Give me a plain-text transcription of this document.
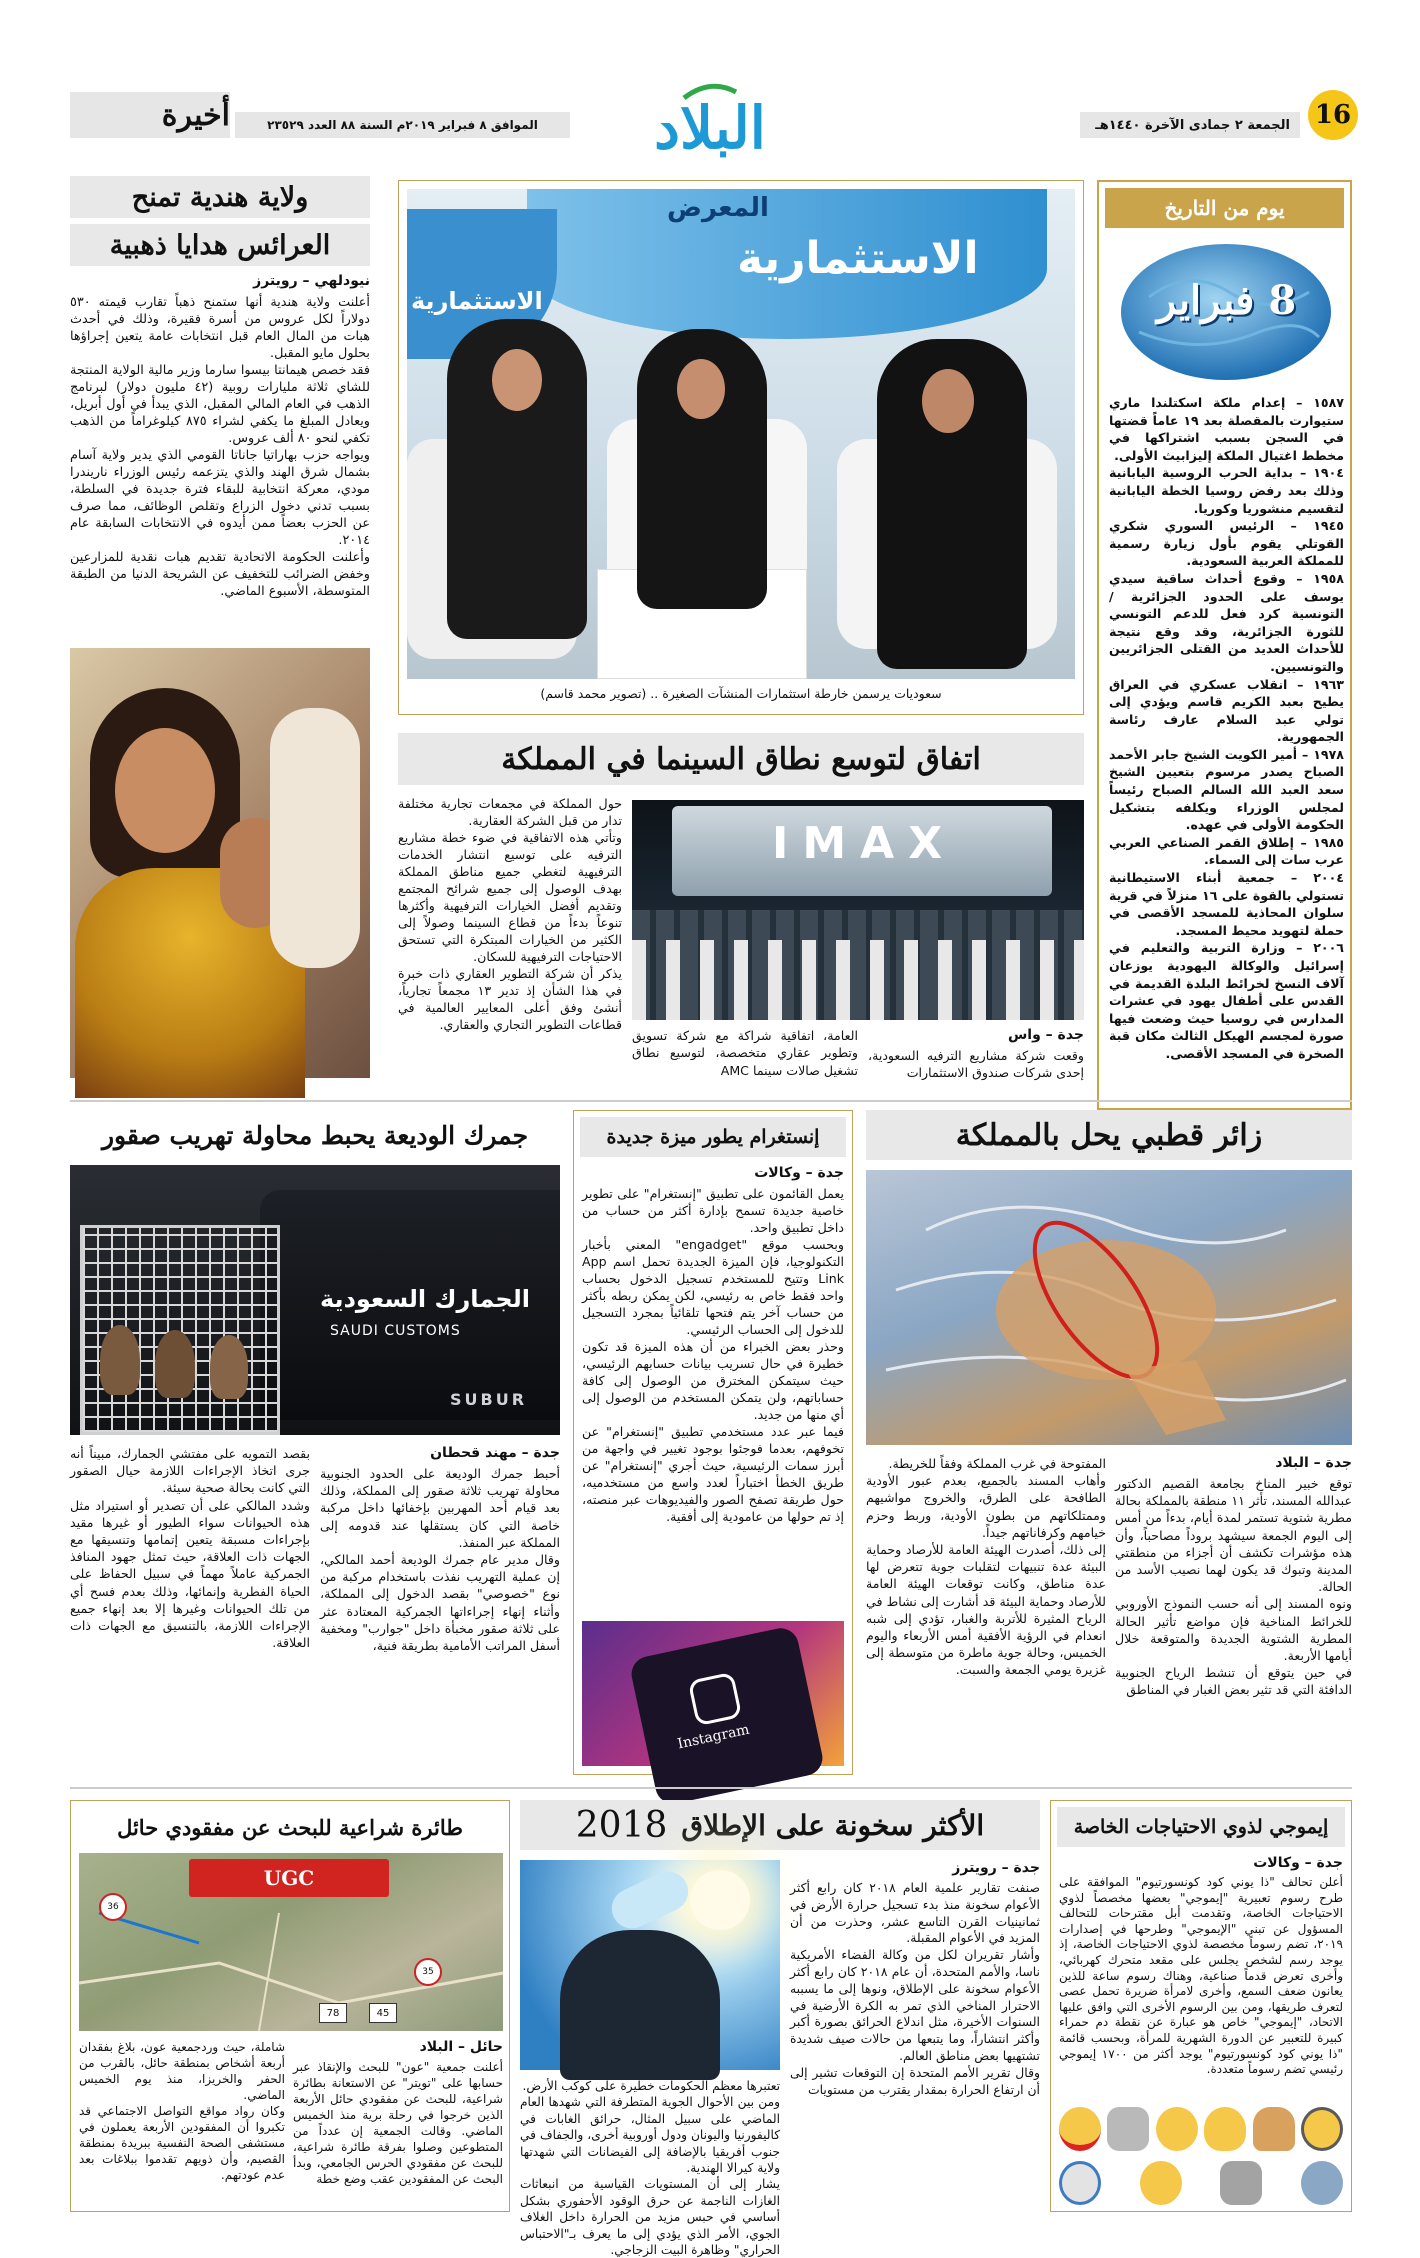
16
الجمعة ٢ جمادى الآخرة ١٤٤٠هـ
البلاد
الموافق ٨ فبراير ٢٠١٩م السنة ٨٨ العدد ٢٣٥٢٩
أخيرة
يوم من التاريخ
8 فبراير
١٥٨٧ – إعدام ملكة اسكتلندا ماري ستيوارت بالمقصلة بعد ١٩ عاماً قضتها في السجن بسبب اشتراكها في مخطط اغتيال الملكة إليزابيث الأولى.
١٩٠٤ – بداية الحرب الروسية اليابانية وذلك بعد رفض روسيا الخطة اليابانية لتقسيم منشوريا وكوريا.
١٩٤٥ – الرئيس السوري شكري القوتلي يقوم بأول زيارة رسمية للمملكة العربية السعودية.
١٩٥٨ – وقوع أحداث ساقية سيدي يوسف على الحدود الجزائرية / التونسية كرد فعل للدعم التونسي للثورة الجزائرية، وقد وقع نتيجة للأحداث العديد من القتلى الجزائريين والتونسيين.
١٩٦٣ – انقلاب عسكري في العراق يطيح بعبد الكريم قاسم ويؤدي إلى تولي عبد السلام عارف رئاسة الجمهورية.
١٩٧٨ – أمير الكويت الشيخ جابر الأحمد الصباح يصدر مرسوم بتعيين الشيخ سعد العبد الله السالم الصباح رئيساً لمجلس الوزراء ويكلفه بتشكيل الحكومة الأولى في عهده.
١٩٨٥ – إطلاق القمر الصناعي العربي عرب سات إلى السماء.
٢٠٠٤ – جمعية أبناء الاستيطانية تستولي بالقوة على ١٦ منزلاً في قرية سلوان المحاذية للمسجد الأقصى في حملة لتهويد محيط المسجد.
٢٠٠٦ – وزارة التربية والتعليم في إسرائيل والوكالة اليهودية يوزعان آلاف النسخ لخرائط البلدة القديمة في القدس على أطفال يهود في عشرات المدارس في روسيا حيث وضعت فيها صورة لمجسم الهيكل الثالث مكان قبة الصخرة في المسجد الأقصى.
المعرض
الاستثمارية
الاستثمارية
سعوديات يرسمن خارطة استثمارات المنشآت الصغيرة .. (تصوير محمد قاسم)
ولاية هندية تمنح
العرائس هدايا ذهبية
نيودلهي – رويترز
أعلنت ولاية هندية أنها ستمنح ذهباً تقارب قيمته ٥٣٠ دولاراً لكل عروس من أسرة فقيرة، وذلك في أحدث هبات من المال العام قبل انتخابات عامة يتعين إجراؤها بحلول مايو المقبل.
فقد خصص هيمانتا بيسوا سارما وزير مالية الولاية المنتجة للشاي ثلاثة مليارات روبية (٤٢ مليون دولار) لبرنامج الذهب في العام المالي المقبل، الذي يبدأ في أول أبريل، ويعادل المبلغ ما يكفي لشراء ٨٧٥ كيلوغراماً من الذهب تكفي لنحو ٨٠ ألف عروس.
ويواجه حزب بهاراتيا جاناتا القومي الذي يدير ولاية آسام بشمال شرق الهند والذي يتزعمه رئيس الوزراء ناريندرا مودي، معركة انتخابية للبقاء فترة جديدة في السلطة، بسبب تدني دخول الزراع وتقلص الوظائف، مما صرف عن الحزب بعضاً ممن أيدوه في الانتخابات السابقة عام ٢٠١٤.
وأعلنت الحكومة الاتحادية تقديم هبات نقدية للمزارعين وخفض الضرائب للتخفيف عن الشريحة الدنيا من الطبقة المتوسطة، الأسبوع الماضي.
اتفاق لتوسع نطاق السينما في المملكة
IMAX
جدة – واس
وقعت شركة مشاريع الترفيه السعودية، إحدى شركات صندوق الاستثمارات
العامة، اتفاقية شراكة مع شركة تسويق وتطوير عقاري متخصصة، لتوسيع نطاق تشغيل صالات سينما AMC
حول المملكة في مجمعات تجارية مختلفة تدار من قبل الشركة العقارية.
وتأتي هذه الاتفاقية في ضوء خطة مشاريع الترفيه على توسيع انتشار الخدمات الترفيهية لتغطي جميع مناطق المملكة بهدف الوصول إلى جميع شرائح المجتمع وتقديم أفضل الخيارات الترفيهية وأكثرها تنوعاً بدءاً من قطاع السينما وصولاً إلى الكثير من الخيارات المبتكرة التي تستحق الاحتياجات الترفيهية للسكان.
يذكر أن شركة التطوير العقاري ذات خبرة في هذا الشأن إذ تدير ١٣ مجمعاً تجارياً، أنشئ وفق أعلى المعايير العالمية في قطاعات التطوير التجاري والعقاري.
زائر قطبي يحل بالمملكة
جدة – البلاد
توقع خبير المناخ بجامعة القصيم الدكتور عبدالله المسند، تأثر ١١ منطقة بالمملكة بحالة مطرية شتوية تستمر لمدة أيام، بدءاً من أمس إلى اليوم الجمعة سيشهد بروداً مصاحباً، وأن هذه مؤشرات تكشف أن أجزاء من منطقتي المدينة وتبوك قد يكون لهما نصيب الأسد من الحالة.
ونوه المسند إلى أنه حسب النموذج الأوروبي للخرائط المناخية فإن مواضع تأثير الحالة المطرية الشتوية الجديدة والمتوقعة خلال أيامها الأربعة.
في حين يتوقع أن تنشط الرياح الجنوبية الدافئة التي قد تثير بعض الغبار في المناطق
المفتوحة في غرب المملكة وفقاً للخريطة.
وأهاب المسند بالجميع، بعدم عبور الأودية الطافحة على الطرق، والخروج مواشيهم وممتلكاتهم من بطون الأودية، وربط وحزم خيامهم وكرفاناتهم جيداً.
إلى ذلك، أصدرت الهيئة العامة للأرصاد وحماية البيئة عدة تنبيهات لتقلبات جوية تتعرض لها عدة مناطق، وكانت توقعات الهيئة العامة للأرصاد وحماية البيئة قد أشارت إلى نشاط في الرياح المثيرة للأتربة والغبار، تؤدي إلى شبه انعدام في الرؤية الأفقية أمس الأربعاء واليوم الخميس، وحالة جوية ماطرة من متوسطة إلى غزيرة يومي الجمعة والسبت.
إنستغرام يطور ميزة جديدة
جدة – وكالات
يعمل القائمون على تطبيق "إنستغرام" على تطوير خاصية جديدة تسمح بإدارة أكثر من حساب من داخل تطبيق واحد.
وبحسب موقع "engadget" المعني بأخبار التكنولوجيا، فإن الميزة الجديدة تحمل اسم App Link وتتيح للمستخدم تسجيل الدخول بحساب واحد فقط خاص به رئيسي، لكن يمكن ربطه بأكثر من حساب آخر يتم فتحها تلقائياً بمجرد التسجيل للدخول إلى الحساب الرئيسي.
وحذر بعض الخبراء من أن هذه الميزة قد تكون خطيرة في حال تسريب بيانات حسابهم الرئيسي، حيث سيتمكن المخترق من الوصول إلى كافة حساباتهم، ولن يتمكن المستخدم من الوصول إلى أي منها من جديد.
فيما عبر عدد مستخدمي تطبيق "إنستغرام" عن تخوفهم، بعدما فوجئوا بوجود تغيير في واجهة من أبرز سمات الرئيسية، حيث أجري "إنستغرام" عن طريق الخطأ اختباراً لعدد واسع من مستخدميه، حول طريقة تصفح الصور والفيديوهات عبر منصته، إذ تم حولها من عامودية إلى أفقية.
Instagram
جمرك الوديعة يحبط محاولة تهريب صقور
الجمارك السعودية
SAUDI CUSTOMS
SUBUR
جدة – مهند قحطان
أحبط جمرك الوديعة على الحدود الجنوبية محاولة تهريب ثلاثة صقور إلى المملكة، وذلك بعد قيام أحد المهربين بإخفائها داخل مركبة خاصة التي كان يستقلها عند قدومه إلى المملكة عبر المنفذ.
وقال مدير عام جمرك الوديعة أحمد المالكي، إن عملية التهريب نفذت باستخدام مركبة من نوع "خصوصي" بقصد الدخول إلى المملكة، وأثناء إنهاء إجراءاتها الجمركية المعتادة عثر على ثلاثة صقور مخبأة داخل "جوارب" ومخفية أسفل المراتب الأمامية بطريقة فنية،
بقصد التمويه على مفتشي الجمارك، مبيناً أنه جرى اتخاذ الإجراءات اللازمة حيال الصقور التي كانت بحالة صحية سيئة.
وشدد المالكي على أن تصدير أو استيراد مثل هذه الحيوانات سواء الطيور أو غيرها مقيد بإجراءات مسبقة يتعين إتمامها وتنسيقها مع الجهات ذات العلاقة، حيث تمثل جهود المنافذ الجمركية عاملاً مهماً في سبيل الحفاظ على الحياة الفطرية وإنمائها، وذلك بعدم فسح أي من تلك الحيوانات وغيرها إلا بعد إنهاء جميع الإجراءات اللازمة، بالتنسيق مع الجهات ذات العلاقة.
إيموجي لذوي الاحتياجات الخاصة
جدة – وكالات
أعلن تحالف "ذا يوني كود كونسورتيوم" الموافقة على طرح رسوم تعبيرية "إيموجي" بعضها مخصصاً لذوي الاحتياجات الخاصة، وتقدمت أبل مقترحات للتحالف المسؤول عن تبني "الإيموجي" وطرحها في إصدارات ٢٠١٩، تضم رسوماً مخصصة لذوي الاحتياجات الخاصة، إذ يوجد رسم لشخص يجلس على مقعد متحرك كهربائي، وأخرى تعرض قدماً صناعية، وهناك رسوم ساعة للذين يعانون ضعف السمع، وأخرى لامرأة ضريرة تحمل عصى لتعرف طريقها، ومن بين الرسوم الأخرى التي وافق عليها الاتحاد، "إيموجي" خاص هو عبارة عن نقطة دم حمراء كبيرة للتعبير عن الدورة الشهرية للمرأة، وبحسب قائمة "ذا يوني كود كونسورتيوم" يوجد أكثر من ١٧٠٠ إيموجي رئيسي تضم رسوماً متعددة.
الأكثر سخونة على الإطلاق
2018
جدة – رويترز
صنفت تقارير علمية العام ٢٠١٨ كان رابع أكثر الأعوام سخونة منذ بدء تسجيل حرارة الأرض في ثمانينيات القرن التاسع عشر، وحذرت من أن المزيد في الأعوام المقبلة.
وأشار تقريران لكل من وكالة الفضاء الأمريكية ناسا، والأمم المتحدة، أن عام ٢٠١٨ كان رابع أكثر الأعوام سخونة على الإطلاق، ونوها إلى ما يسببه الاحترار المناخي الذي تمر به الكرة الأرضية في السنوات الأخيرة، مثل اندلاع الحرائق بصورة أكبر وأكثر انتشاراً، وما يتبعها من حالات صيف شديدة تشتهيها بعض مناطق العالم.
وقال تقرير الأمم المتحدة إن التوقعات تشير إلى أن ارتفاع الحرارة بمقدار يقترب من مستويات
تعتبرها معظم الحكومات خطيرة على كوكب الأرض.
ومن بين الأحوال الجوية المتطرفة التي شهدها العام الماضي على سبيل المثال، حرائق الغابات في كاليفورنيا واليونان ودول أوروبية أخرى، والجفاف في جنوب أفريقيا بالإضافة إلى الفيضانات التي شهدتها ولاية كيرالا الهندية.
يشار إلى أن المستويات القياسية من انبعاثات الغازات الناجمة عن حرق الوقود الأحفوري بشكل أساسي في حبس مزيد من الحرارة داخل الغلاف الجوي، الأمر الذي يؤدي إلى ما يعرف بـ"الاحتباس الحراري" وظاهرة البيت الزجاجي.
طائرة شراعية للبحث عن مفقودي حائل
UGC
78	45
36
35
حائل – البلاد
أعلنت جمعية "عون" للبحث والإنقاذ عبر حسابها على "تويتر" عن الاستعانة بطائرة شراعية، للبحث عن مفقودي حائل الأربعة الذين خرجوا في رحلة برية منذ الخميس الماضي. وقالت الجمعية إن عدداً من المتطوعين وصلوا بفرقة طائرة شراعية، للبحث عن مفقودي الحرس الجامعي، وبدأ البحث عن المفقودين عقب وضع خطة
شاملة، حيث وردجمعية عون، بلاغ بفقدان أربعة أشخاص بمنطقة حائل، بالقرب من الحفر والخريزا، منذ يوم الخميس الماضي.
وكان رواد مواقع التواصل الاجتماعي قد تكبروا أن المفقودين الأربعة يعملون في مستشفى الصحة النفسية ببريدة بمنطقة القصيم، وأن ذويهم تقدموا ببلاغات بعد عدم عودتهم.
